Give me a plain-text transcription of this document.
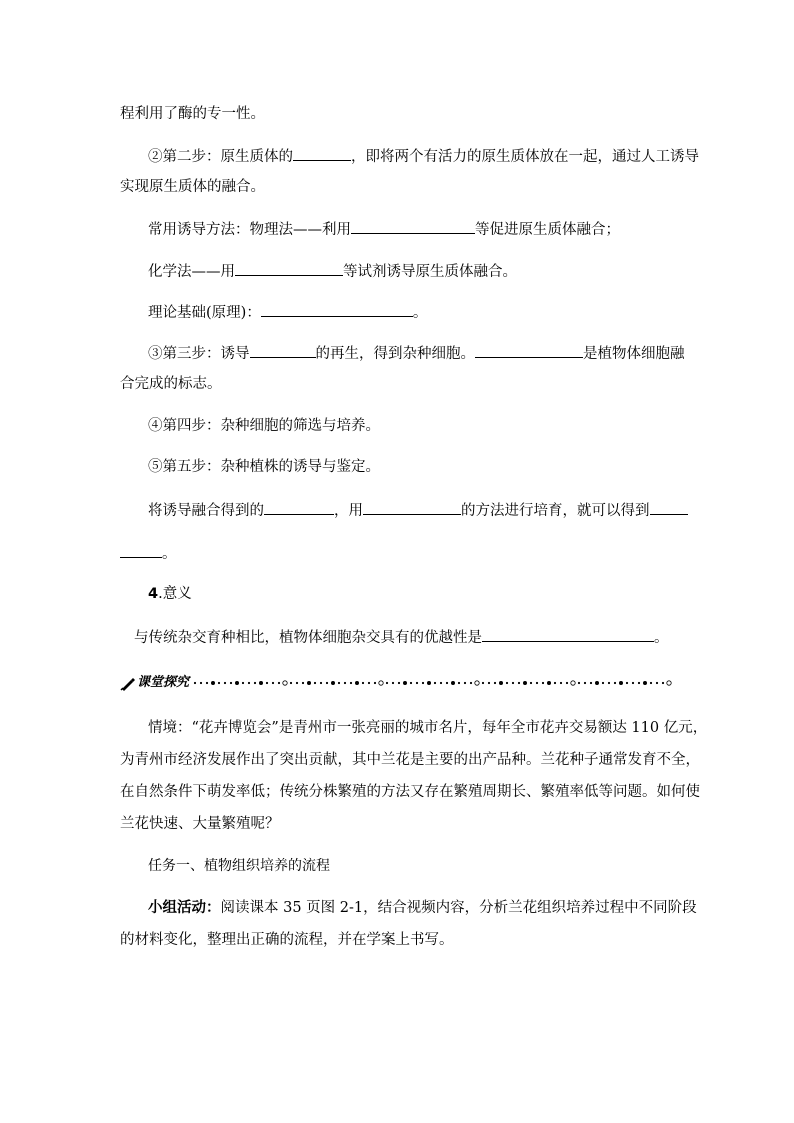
程利用了酶的专一性。
②第二步：原生质体的	，即将两个有活力的原生质体放在一起，通过人工诱导
实现原生质体的融合。
常用诱导方法：物理法——利用	等促进原生质体融合；
化学法——用	等试剂诱导原生质体融合。
理论基础(原理)：	。
③第三步：诱导	的再生，得到杂种细胞。	是植物体细胞融
合完成的标志。
④第四步：杂种细胞的筛选与培养。
⑤第五步：杂种植株的诱导与鉴定。
将诱导融合得到的	，用	的方法进行培育，就可以得到
。
4.意义
与传统杂交育种相比，植物体细胞杂交具有的优越性是	。
课堂探究
情境：“花卉博览会”是青州市一张亮丽的城市名片，每年全市花卉交易额达 110 亿元，
为青州市经济发展作出了突出贡献，其中兰花是主要的出产品种。兰花种子通常发育不全，
在自然条件下萌发率低；传统分株繁殖的方法又存在繁殖周期长、繁殖率低等问题。如何使
兰花快速、大量繁殖呢？
任务一、植物组织培养的流程
小组活动：阅读课本 35 页图 2-1，结合视频内容，分析兰花组织培养过程中不同阶段
的材料变化，整理出正确的流程，并在学案上书写。
